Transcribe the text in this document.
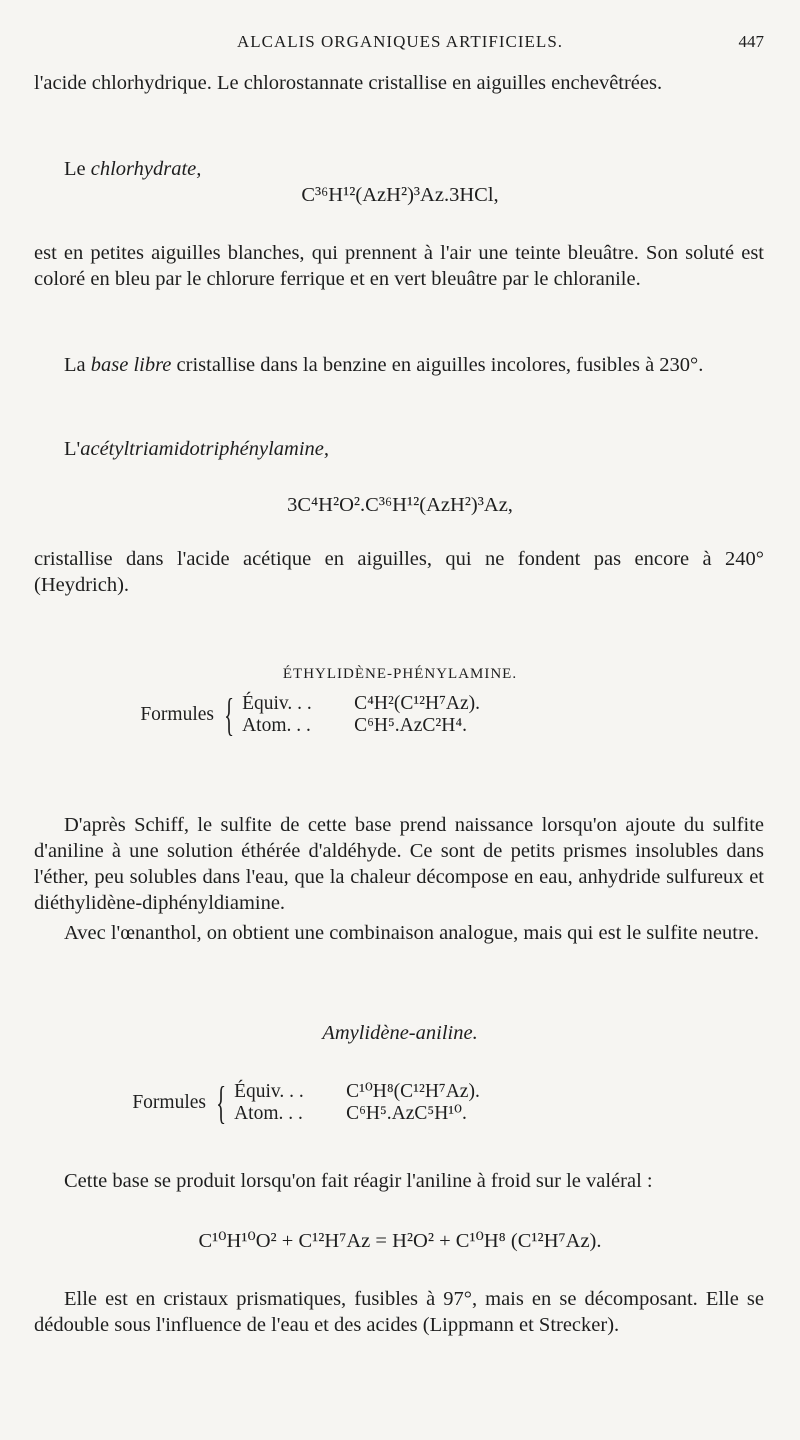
ALCALIS ORGANIQUES ARTIFICIELS.	447

l'acide chlorhydrique. Le chlorostannate cristallise en aiguilles enchevêtrées.

Le chlorhydrate,

C³⁶H¹²(AzH²)³Az.3HCl,

est en petites aiguilles blanches, qui prennent à l'air une teinte bleuâtre. Son soluté est coloré en bleu par le chlorure ferrique et en vert bleuâtre par le chloranile.

La base libre cristallise dans la benzine en aiguilles incolores, fusibles à 230°.

L'acétyltriamidotriphénylamine,

3C⁴H²O².C³⁶H¹²(AzH²)³Az,

cristallise dans l'acide acétique en aiguilles, qui ne fondent pas encore à 240° (Heydrich).

ÉTHYLIDÈNE-PHÉNYLAMINE.
Formules { Équiv. . . C⁴H²(C¹²H⁷Az).
Atom. . . C⁶H⁵.AzC²H⁴.

D'après Schiff, le sulfite de cette base prend naissance lorsqu'on ajoute du sulfite d'aniline à une solution éthérée d'aldéhyde. Ce sont de petits prismes insolubles dans l'éther, peu solubles dans l'eau, que la chaleur décompose en eau, anhydride sulfureux et diéthylidène-diphényldiamine.

Avec l'œnanthol, on obtient une combinaison analogue, mais qui est le sulfite neutre.

Amylidène-aniline.
Formules { Équiv. . . C¹⁰H⁸(C¹²H⁷Az).
Atom. . . C⁶H⁵.AzC⁵H¹⁰.

Cette base se produit lorsqu'on fait réagir l'aniline à froid sur le valéral :

C¹⁰H¹⁰O² + C¹²H⁷Az = H²O² + C¹⁰H⁸ (C¹²H⁷Az).

Elle est en cristaux prismatiques, fusibles à 97°, mais en se décomposant. Elle se dédouble sous l'influence de l'eau et des acides (Lippmann et Strecker).
